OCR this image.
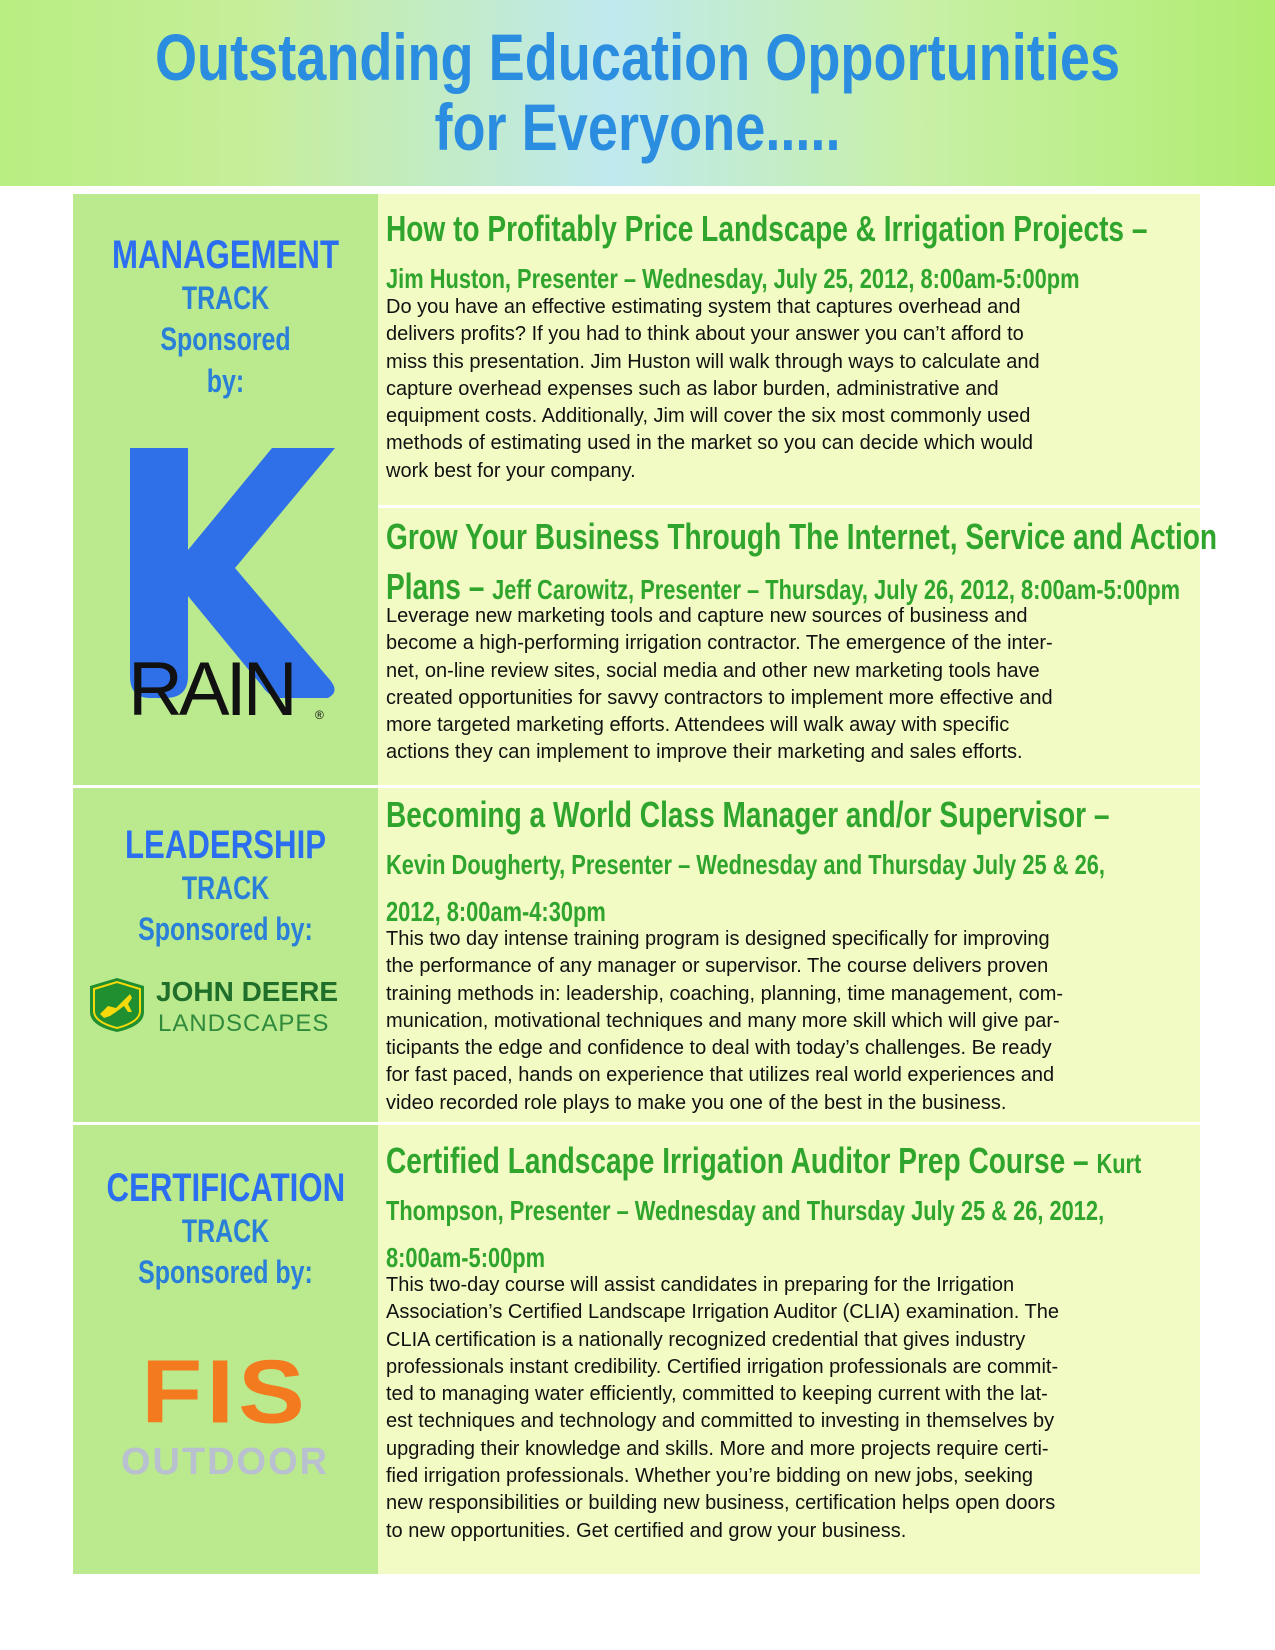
Outstanding Education Opportunities
for Everyone.....
MANAGEMENT
TRACK
Sponsored
by:
RAIN ®
How to Profitably Price Landscape & Irrigation Projects –
Jim Huston, Presenter – Wednesday, July 25, 2012, 8:00am-5:00pm
Do you have an effective estimating system that captures overhead and
delivers profits? If you had to think about your answer you can’t afford to
miss this presentation. Jim Huston will walk through ways to calculate and
capture overhead expenses such as labor burden, administrative and
equipment costs. Additionally, Jim will cover the six most commonly used
methods of estimating used in the market so you can decide which would
work best for your company.
Grow Your Business Through The Internet, Service and Action
Plans – Jeff Carowitz, Presenter – Thursday, July 26, 2012, 8:00am-5:00pm
Leverage new marketing tools and capture new sources of business and
become a high-performing irrigation contractor. The emergence of the inter-
net, on-line review sites, social media and other new marketing tools have
created opportunities for savvy contractors to implement more effective and
more targeted marketing efforts. Attendees will walk away with specific
actions they can implement to improve their marketing and sales efforts.
LEADERSHIP
TRACK
Sponsored by:
JOHN DEERE
LANDSCAPES
Becoming a World Class Manager and/or Supervisor –
Kevin Dougherty, Presenter – Wednesday and Thursday July 25 & 26,
2012, 8:00am-4:30pm
This two day intense training program is designed specifically for improving
the performance of any manager or supervisor. The course delivers proven
training methods in: leadership, coaching, planning, time management, com-
munication, motivational techniques and many more skill which will give par-
ticipants the edge and confidence to deal with today’s challenges. Be ready
for fast paced, hands on experience that utilizes real world experiences and
video recorded role plays to make you one of the best in the business.
CERTIFICATION
TRACK
Sponsored by:
FIS
OUTDOOR
Certified Landscape Irrigation Auditor Prep Course – Kurt
Thompson, Presenter – Wednesday and Thursday July 25 & 26, 2012,
8:00am-5:00pm
This two-day course will assist candidates in preparing for the Irrigation
Association’s Certified Landscape Irrigation Auditor (CLIA) examination. The
CLIA certification is a nationally recognized credential that gives industry
professionals instant credibility. Certified irrigation professionals are commit-
ted to managing water efficiently, committed to keeping current with the lat-
est techniques and technology and committed to investing in themselves by
upgrading their knowledge and skills. More and more projects require certi-
fied irrigation professionals. Whether you’re bidding on new jobs, seeking
new responsibilities or building new business, certification helps open doors
to new opportunities. Get certified and grow your business.
